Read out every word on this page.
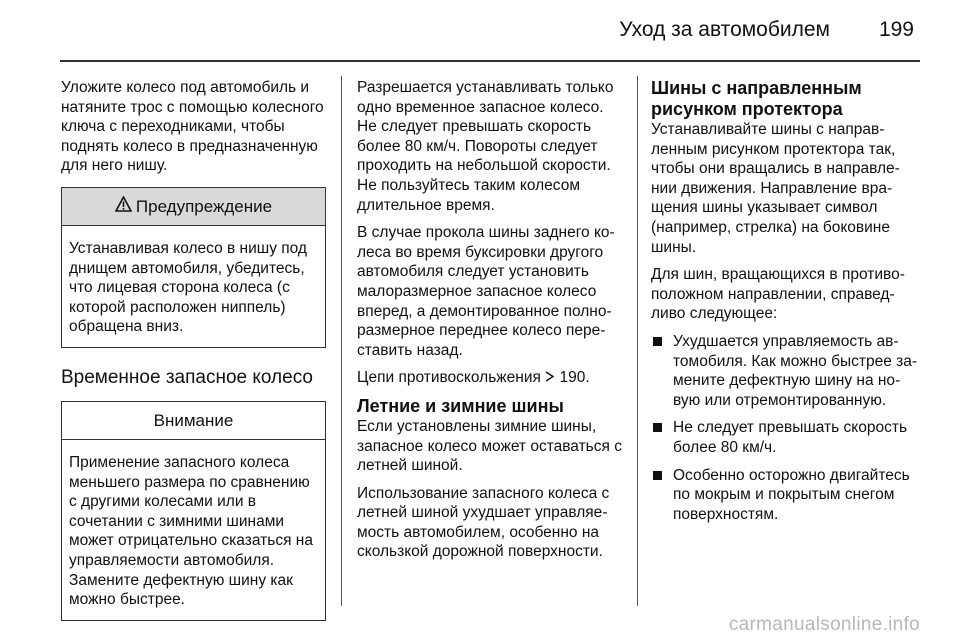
Уход за автомобилем 199

Уложите колесо под автомобиль и натяните трос с помощью колесного ключа с переходниками, чтобы поднять колесо в предназначенную для него нишу.

Предупреждение
Устанавливая колесо в нишу под днищем автомобиля, убедитесь, что лицевая сторона колеса (с которой расположен ниппель) обращена вниз.
Временное запасное колесо
Внимание
Применение запасного колеса меньшего размера по сравнению с другими колесами или в сочетании с зимними шинами может отрицательно сказаться на управляемости автомобиля. Замените дефектную шину как можно быстрее.

Разрешается устанавливать только одно временное запасное колесо. Не следует превышать скорость более 80 км/ч. Повороты следует проходить на небольшой скорости. Не пользуйтесь таким колесом длительное время.

В случае прокола шины заднего колеса во время буксировки другого автомобиля следует установить малоразмерное запасное колесо вперед, а демонтированное полноразмерное переднее колесо переставить назад.

Цепи противоскольжения 190.

Летние и зимние шины

Если установлены зимние шины, запасное колесо может оставаться с летней шиной.

Использование запасного колеса с летней шиной ухудшает управляемость автомобилем, особенно на скользкой дорожной поверхности.

Шины с направленным рисунком протектора

Устанавливайте шины с направленным рисунком протектора так, чтобы они вращались в направлении движения. Направление вращения шины указывает символ (например, стрелка) на боковине шины.

Для шин, вращающихся в противоположном направлении, справедливо следующее:

Ухудшается управляемость автомобиля. Как можно быстрее замените дефектную шину на новую или отремонтированную.
Не следует превышать скорость более 80 км/ч.
Особенно осторожно двигайтесь по мокрым и покрытым снегом поверхностям.
carmanualsonline.info
